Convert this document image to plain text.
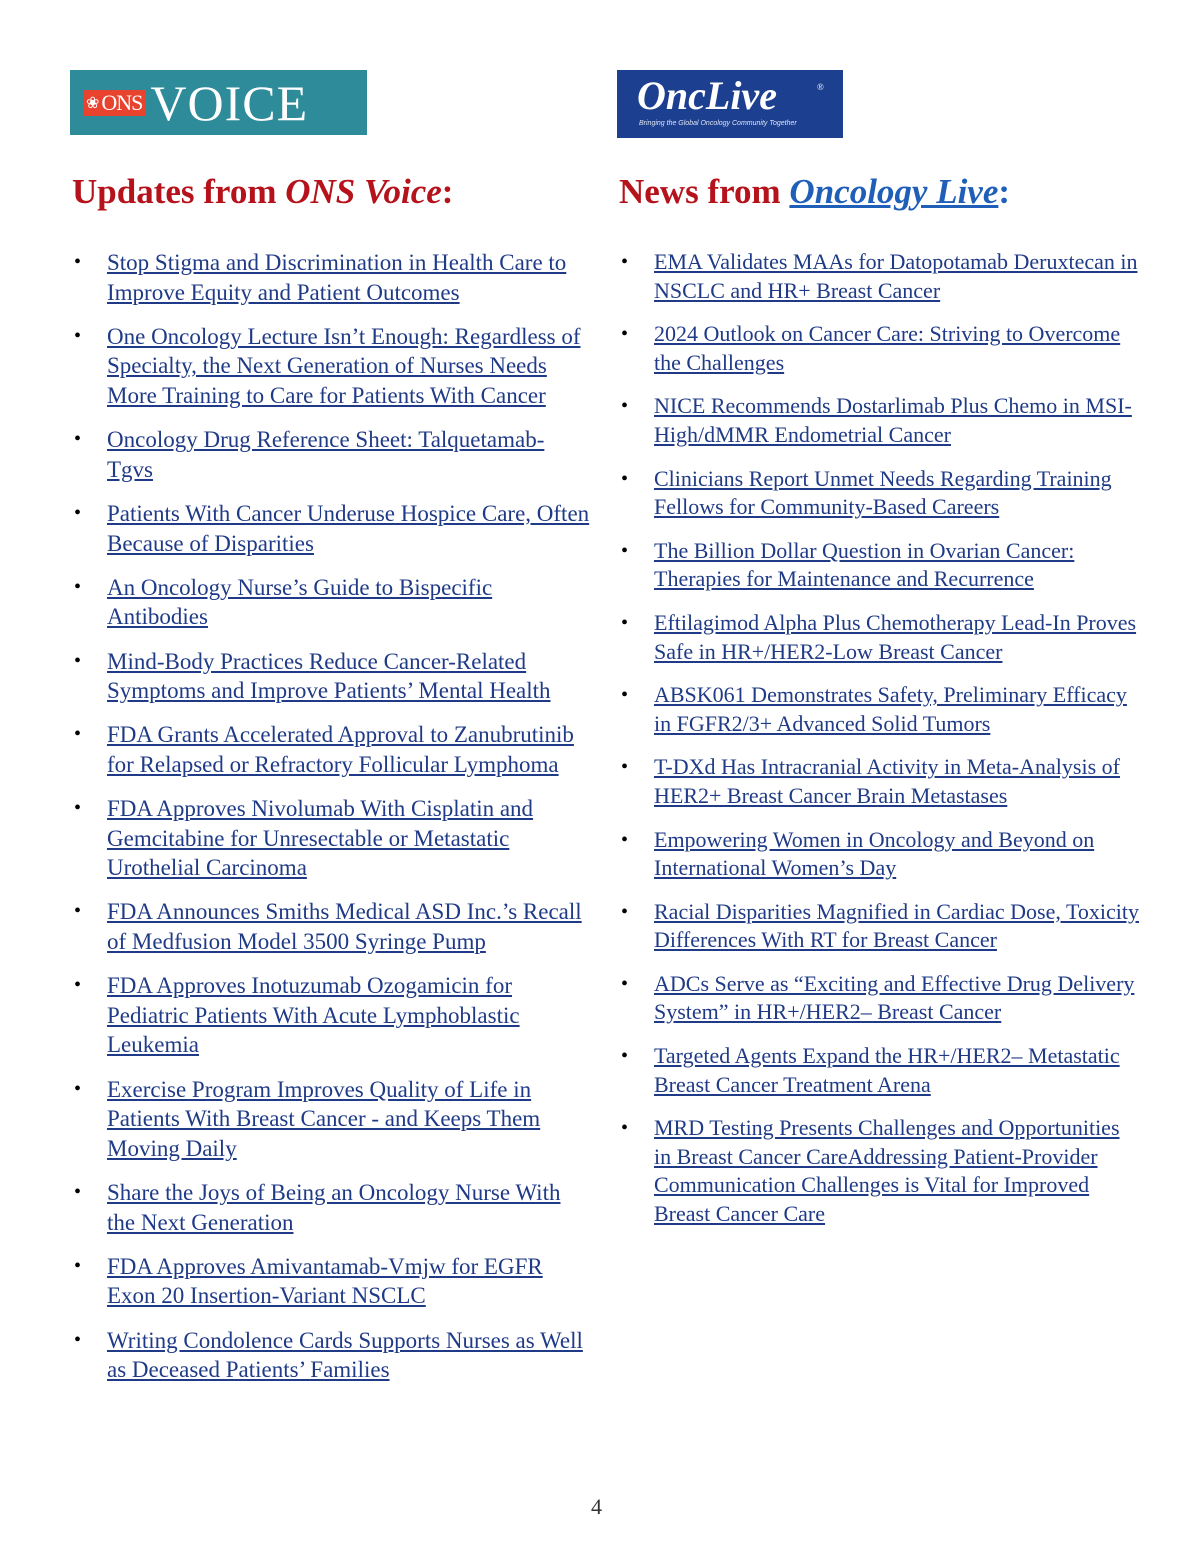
❀ ONS VOICE
Updates from ONS Voice:
• Stop Stigma and Discrimination in Health Care to Improve Equity and Patient Outcomes
• One Oncology Lecture Isn’t Enough: Regardless of Specialty, the Next Generation of Nurses Needs More Training to Care for Patients With Cancer
• Oncology Drug Reference Sheet: Talquetamab-Tgvs
• Patients With Cancer Underuse Hospice Care, Often Because of Disparities
• An Oncology Nurse’s Guide to Bispecific Antibodies
• Mind-Body Practices Reduce Cancer-Related Symptoms and Improve Patients’ Mental Health
• FDA Grants Accelerated Approval to Zanubrutinib for Relapsed or Refractory Follicular Lymphoma
• FDA Approves Nivolumab With Cisplatin and Gemcitabine for Unresectable or Metastatic Urothelial Carcinoma
• FDA Announces Smiths Medical ASD Inc.’s Recall of Medfusion Model 3500 Syringe Pump
• FDA Approves Inotuzumab Ozogamicin for Pediatric Patients With Acute Lymphoblastic Leukemia
• Exercise Program Improves Quality of Life in Patients With Breast Cancer - and Keeps Them Moving Daily
• Share the Joys of Being an Oncology Nurse With the Next Generation
• FDA Approves Amivantamab-Vmjw for EGFR Exon 20 Insertion-Variant NSCLC
• Writing Condolence Cards Supports Nurses as Well as Deceased Patients’ Families
OncLive	®
Bringing the Global Oncology Community Together
News from Oncology Live:
• EMA Validates MAAs for Datopotamab Deruxtecan in NSCLC and HR+ Breast Cancer
• 2024 Outlook on Cancer Care: Striving to Overcome the Challenges
• NICE Recommends Dostarlimab Plus Chemo in MSI-High/dMMR Endometrial Cancer
• Clinicians Report Unmet Needs Regarding Training Fellows for Community-Based Careers
• The Billion Dollar Question in Ovarian Cancer: Therapies for Maintenance and Recurrence
• Eftilagimod Alpha Plus Chemotherapy Lead-In Proves Safe in HR+/HER2-Low Breast Cancer
• ABSK061 Demonstrates Safety, Preliminary Efficacy in FGFR2/3+ Advanced Solid Tumors
• T-DXd Has Intracranial Activity in Meta-Analysis of HER2+ Breast Cancer Brain Metastases
• Empowering Women in Oncology and Beyond on International Women’s Day
• Racial Disparities Magnified in Cardiac Dose, Toxicity Differences With RT for Breast Cancer
• ADCs Serve as “Exciting and Effective Drug Delivery System” in HR+/HER2– Breast Cancer
• Targeted Agents Expand the HR+/HER2– Metastatic Breast Cancer Treatment Arena
• MRD Testing Presents Challenges and Opportunities in Breast Cancer CareAddressing Patient-Provider Communication Challenges is Vital for Improved Breast Cancer Care
4
